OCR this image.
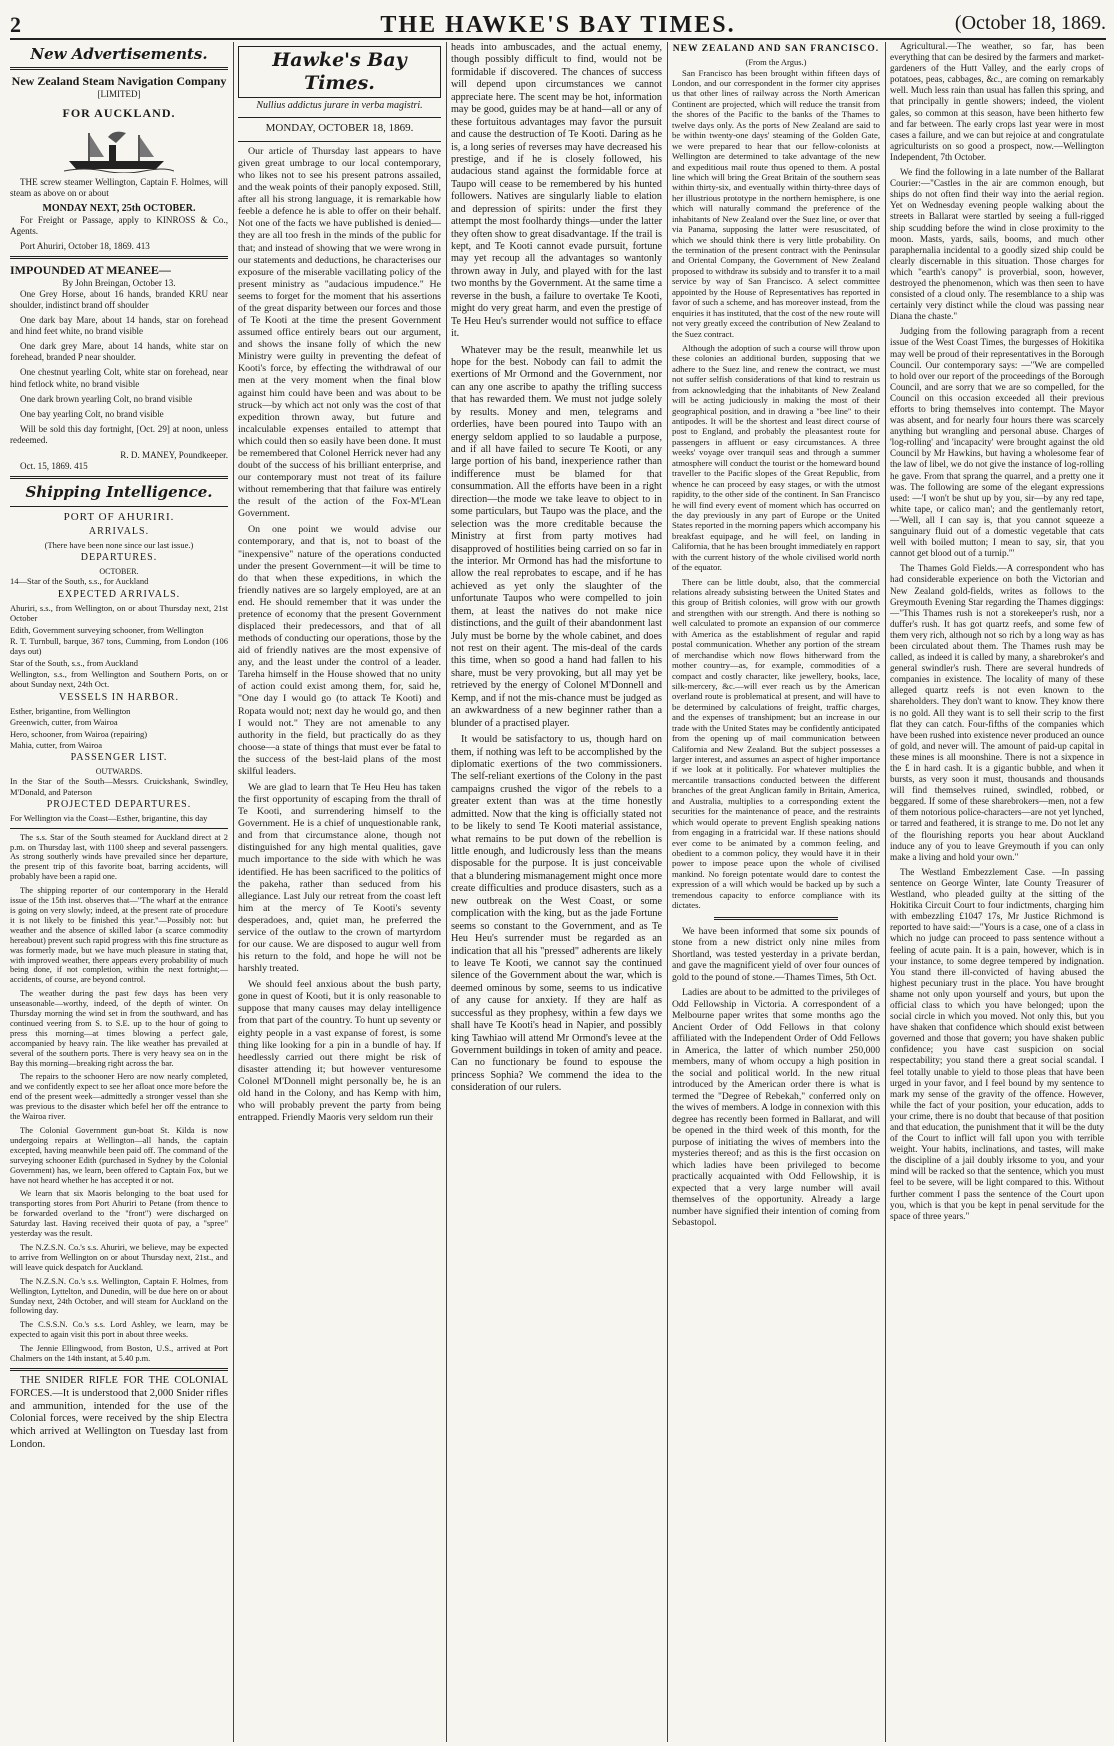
2	THE HAWKE'S BAY TIMES.	(October 18, 1869.
New Advertisements.
New Zealand Steam Navigation Company
[LIMITED]
FOR AUCKLAND.

THE screw steamer Wellington, Captain F. Holmes, will steam as above on or about

MONDAY NEXT, 25th OCTOBER.

For Freight or Passage, apply to KINROSS & Co., Agents.

Port Ahuriri, October 18, 1869. 413

IMPOUNDED AT MEANEE—
By John Breingan, October 13.

One Grey Horse, about 16 hands, branded KRU near shoulder, indistinct brand off shoulder

One dark bay Mare, about 14 hands, star on forehead and hind feet white, no brand visible

One dark grey Mare, about 14 hands, white star on forehead, branded P near shoulder.

One chestnut yearling Colt, white star on forehead, near hind fetlock white, no brand visible

One dark brown yearling Colt, no brand visible

One bay yearling Colt, no brand visible

Will be sold this day fortnight, [Oct. 29] at noon, unless redeemed.

R. D. MANEY, Poundkeeper.

Oct. 15, 1869. 415

Shipping Intelligence.
PORT OF AHURIRI.
ARRIVALS.
(There have been none since our last issue.)
DEPARTURES.
OCTOBER.

14—Star of the South, s.s., for Auckland

EXPECTED ARRIVALS.

Ahuriri, s.s., from Wellington, on or about Thursday next, 21st October

Edith, Government surveying schooner, from Wellington

R. T. Turnbull, barque, 367 tons, Cumming, from London (106 days out)

Star of the South, s.s., from Auckland

Wellington, s.s., from Wellington and Southern Ports, on or about Sunday next, 24th Oct.

VESSELS IN HARBOR.

Esther, brigantine, from Wellington

Greenwich, cutter, from Wairoa

Hero, schooner, from Wairoa (repairing)

Mahia, cutter, from Wairoa

PASSENGER LIST.
OUTWARDS.

In the Star of the South—Messrs. Cruickshank, Swindley, M'Donald, and Paterson

PROJECTED DEPARTURES.

For Wellington via the Coast—Esther, brigantine, this day

The s.s. Star of the South steamed for Auckland direct at 2 p.m. on Thursday last, with 1100 sheep and several passengers. As strong southerly winds have prevailed since her departure, the present trip of this favorite boat, barring accidents, will probably have been a rapid one.

The shipping reporter of our contemporary in the Herald issue of the 15th inst. observes that—"The wharf at the entrance is going on very slowly; indeed, at the present rate of procedure it is not likely to be finished this year."—Possibly not: but weather and the absence of skilled labor (a scarce commodity hereabout) prevent such rapid progress with this fine structure as was formerly made, but we have much pleasure in stating that, with improved weather, there appears every probability of much being done, if not completion, within the next fortnight;—accidents, of course, are beyond control.

The weather during the past few days has been very unseasonable—worthy, indeed, of the depth of winter. On Thursday morning the wind set in from the southward, and has continued veering from S. to S.E. up to the hour of going to press this morning—at times blowing a perfect gale, accompanied by heavy rain. The like weather has prevailed at several of the southern ports. There is very heavy sea on in the Bay this morning—breaking right across the bar.

The repairs to the schooner Hero are now nearly completed, and we confidently expect to see her afloat once more before the end of the present week—admittedly a stronger vessel than she was previous to the disaster which befel her off the entrance to the Wairoa river.

The Colonial Government gun-boat St. Kilda is now undergoing repairs at Wellington—all hands, the captain excepted, having meanwhile been paid off. The command of the surveying schooner Edith (purchased in Sydney by the Colonial Government) has, we learn, been offered to Captain Fox, but we have not heard whether he has accepted it or not.

We learn that six Maoris belonging to the boat used for transporting stores from Port Ahuriri to Petane (from thence to be forwarded overland to the "front") were discharged on Saturday last. Having received their quota of pay, a "spree" yesterday was the result.

The N.Z.S.N. Co.'s s.s. Ahuriri, we believe, may be expected to arrive from Wellington on or about Thursday next, 21st., and will leave quick despatch for Auckland.

The N.Z.S.N. Co.'s s.s. Wellington, Captain F. Holmes, from Wellington, Lyttelton, and Dunedin, will be due here on or about Sunday next, 24th October, and will steam for Auckland on the following day.

The C.S.S.N. Co.'s s.s. Lord Ashley, we learn, may be expected to again visit this port in about three weeks.

The Jennie Ellingwood, from Boston, U.S., arrived at Port Chalmers on the 14th instant, at 5.40 p.m.

THE SNIDER RIFLE FOR THE COLONIAL FORCES.—It is understood that 2,000 Snider rifles and ammunition, intended for the use of the Colonial forces, were received by the ship Electra which arrived at Wellington on Tuesday last from London.

Hawke's Bay Times.
Nullius addictus jurare in verba magistri.
MONDAY, OCTOBER 18, 1869.

Our article of Thursday last appears to have given great umbrage to our local contemporary, who likes not to see his present patrons assailed, and the weak points of their panoply exposed. Still, after all his strong language, it is remarkable how feeble a defence he is able to offer on their behalf. Not one of the facts we have published is denied—they are all too fresh in the minds of the public for that; and instead of showing that we were wrong in our statements and deductions, he characterises our exposure of the miserable vacillating policy of the present ministry as "audacious impudence." He seems to forget for the moment that his assertions of the great disparity between our forces and those of Te Kooti at the time the present Government assumed office entirely bears out our argument, and shows the insane folly of which the new Ministry were guilty in preventing the defeat of Kooti's force, by effecting the withdrawal of our men at the very moment when the final blow against him could have been and was about to be struck—by which act not only was the cost of that expedition thrown away, but future and incalculable expenses entailed to attempt that which could then so easily have been done. It must be remembered that Colonel Herrick never had any doubt of the success of his brilliant enterprise, and our contemporary must not treat of its failure without remembering that that failure was entirely the result of the action of the Fox-M'Lean Government.

On one point we would advise our contemporary, and that is, not to boast of the "inexpensive" nature of the operations conducted under the present Government—it will be time to do that when these expeditions, in which the friendly natives are so largely employed, are at an end. He should remember that it was under the pretence of economy that the present Government displaced their predecessors, and that of all methods of conducting our operations, those by the aid of friendly natives are the most expensive of any, and the least under the control of a leader. Tareha himself in the House showed that no unity of action could exist among them, for, said he, "One day I would go (to attack Te Kooti) and Ropata would not; next day he would go, and then I would not." They are not amenable to any authority in the field, but practically do as they choose—a state of things that must ever be fatal to the success of the best-laid plans of the most skilful leaders.

We are glad to learn that Te Heu Heu has taken the first opportunity of escaping from the thrall of Te Kooti, and surrendering himself to the Government. He is a chief of unquestionable rank, and from that circumstance alone, though not distinguished for any high mental qualities, gave much importance to the side with which he was identified. He has been sacrificed to the politics of the pakeha, rather than seduced from his allegiance. Last July our retreat from the coast left him at the mercy of Te Kooti's seventy desperadoes, and, quiet man, he preferred the service of the outlaw to the crown of martyrdom for our cause. We are disposed to augur well from his return to the fold, and hope he will not be harshly treated.

We should feel anxious about the bush party, gone in quest of Kooti, but it is only reasonable to suppose that many causes may delay intelligence from that part of the country. To hunt up seventy or eighty people in a vast expanse of forest, is some thing like looking for a pin in a bundle of hay. If heedlessly carried out there might be risk of disaster attending it; but however venturesome Colonel M'Donnell might personally be, he is an old hand in the Colony, and has Kemp with him, who will probably prevent the party from being entrapped. Friendly Maoris very seldom run their

heads into ambuscades, and the actual enemy, though possibly difficult to find, would not be formidable if discovered. The chances of success will depend upon circumstances we cannot appreciate here. The scent may be hot, information may be good, guides may be at hand—all or any of these fortuitous advantages may favor the pursuit and cause the destruction of Te Kooti. Daring as he is, a long series of reverses may have decreased his prestige, and if he is closely followed, his audacious stand against the formidable force at Taupo will cease to be remembered by his hunted followers. Natives are singularly liable to elation and depression of spirits: under the first they attempt the most foolhardy things—under the latter they often show to great disadvantage. If the trail is kept, and Te Kooti cannot evade pursuit, fortune may yet recoup all the advantages so wantonly thrown away in July, and played with for the last two months by the Government. At the same time a reverse in the bush, a failure to overtake Te Kooti, might do very great harm, and even the prestige of Te Heu Heu's surrender would not suffice to efface it.

Whatever may be the result, meanwhile let us hope for the best. Nobody can fail to admit the exertions of Mr Ormond and the Government, nor can any one ascribe to apathy the trifling success that has rewarded them. We must not judge solely by results. Money and men, telegrams and orderlies, have been poured into Taupo with an energy seldom applied to so laudable a purpose, and if all have failed to secure Te Kooti, or any large portion of his band, inexperience rather than indifference must be blamed for that consummation. All the efforts have been in a right direction—the mode we take leave to object to in some particulars, but Taupo was the place, and the selection was the more creditable because the Ministry at first from party motives had disapproved of hostilities being carried on so far in the interior. Mr Ormond has had the misfortune to allow the real reprobates to escape, and if he has achieved as yet only the slaughter of the unfortunate Taupos who were compelled to join them, at least the natives do not make nice distinctions, and the guilt of their abandonment last July must be borne by the whole cabinet, and does not rest on their agent. The mis-deal of the cards this time, when so good a hand had fallen to his share, must be very provoking, but all may yet be retrieved by the energy of Colonel M'Donnell and Kemp, and if not the mis-chance must be judged as an awkwardness of a new beginner rather than a blunder of a practised player.

It would be satisfactory to us, though hard on them, if nothing was left to be accomplished by the diplomatic exertions of the two commissioners. The self-reliant exertions of the Colony in the past campaigns crushed the vigor of the rebels to a greater extent than was at the time honestly admitted. Now that the king is officially stated not to be likely to send Te Kooti material assistance, what remains to be put down of the rebellion is little enough, and ludicrously less than the means disposable for the purpose. It is just conceivable that a blundering mismanagement might once more create difficulties and produce disasters, such as a new outbreak on the West Coast, or some complication with the king, but as the jade Fortune seems so constant to the Government, and as Te Heu Heu's surrender must be regarded as an indication that all his "pressed" adherents are likely to leave Te Kooti, we cannot say the continued silence of the Government about the war, which is deemed ominous by some, seems to us indicative of any cause for anxiety. If they are half as successful as they prophesy, within a few days we shall have Te Kooti's head in Napier, and possibly king Tawhiao will attend Mr Ormond's levee at the Government buildings in token of amity and peace. Can no functionary be found to espouse the princess Sophia? We commend the idea to the consideration of our rulers.

NEW ZEALAND AND SAN FRANCISCO.
(From the Argus.)

San Francisco has been brought within fifteen days of London, and our correspondent in the former city apprises us that other lines of railway across the North American Continent are projected, which will reduce the transit from the shores of the Pacific to the banks of the Thames to twelve days only. As the ports of New Zealand are said to be within twenty-one days' steaming of the Golden Gate, we were prepared to hear that our fellow-colonists at Wellington are determined to take advantage of the new and expeditious mail route thus opened to them. A postal line which will bring the Great Britain of the southern seas within thirty-six, and eventually within thirty-three days of her illustrious prototype in the northern hemisphere, is one which will naturally command the preference of the inhabitants of New Zealand over the Suez line, or over that via Panama, supposing the latter were resuscitated, of which we should think there is very little probability. On the termination of the present contract with the Peninsular and Oriental Company, the Government of New Zealand proposed to withdraw its subsidy and to transfer it to a mail service by way of San Francisco. A select committee appointed by the House of Representatives has reported in favor of such a scheme, and has moreover instead, from the enquiries it has instituted, that the cost of the new route will not very greatly exceed the contribution of New Zealand to the Suez contract.

Although the adoption of such a course will throw upon these colonies an additional burden, supposing that we adhere to the Suez line, and renew the contract, we must not suffer selfish considerations of that kind to restrain us from acknowledging that the inhabitants of New Zealand will be acting judiciously in making the most of their geographical position, and in drawing a "bee line" to their antipodes. It will be the shortest and least direct course of post to England, and probably the pleasantest route for passengers in affluent or easy circumstances. A three weeks' voyage over tranquil seas and through a summer atmosphere will conduct the tourist or the homeward bound traveller to the Pacific slopes of the Great Republic, from whence he can proceed by easy stages, or with the utmost rapidity, to the other side of the continent. In San Francisco he will find every event of moment which has occurred on the day previously in any part of Europe or the United States reported in the morning papers which accompany his breakfast equipage, and he will feel, on landing in California, that he has been brought immediately en rapport with the current history of the whole civilised world north of the equator.

There can be little doubt, also, that the commercial relations already subsisting between the United States and this group of British colonies, will grow with our growth and strengthen with our strength. And there is nothing so well calculated to promote an expansion of our commerce with America as the establishment of regular and rapid postal communication. Whether any portion of the stream of merchandise which now flows hitherward from the mother country—as, for example, commodities of a compact and costly character, like jewellery, books, lace, silk-mercery, &c.—will ever reach us by the American overland route is problematical at present, and will have to be determined by calculations of freight, traffic charges, and the expenses of transhipment; but an increase in our trade with the United States may be confidently anticipated from the opening up of mail communication between California and New Zealand. But the subject possesses a larger interest, and assumes an aspect of higher importance if we look at it politically. For whatever multiplies the mercantile transactions conducted between the different branches of the great Anglican family in Britain, America, and Australia, multiplies to a corresponding extent the securities for the maintenance of peace, and the restraints which would operate to prevent English speaking nations from engaging in a fratricidal war. If these nations should ever come to be animated by a common feeling, and obedient to a common policy, they would have it in their power to impose peace upon the whole of civilised mankind. No foreign potentate would dare to contest the expression of a will which would be backed up by such a tremendous capacity to enforce compliance with its dictates.

We have been informed that some six pounds of stone from a new district only nine miles from Shortland, was tested yesterday in a private berdan, and gave the magnificent yield of over four ounces of gold to the pound of stone.—Thames Times, 5th Oct.

Ladies are about to be admitted to the privileges of Odd Fellowship in Victoria. A correspondent of a Melbourne paper writes that some months ago the Ancient Order of Odd Fellows in that colony affiliated with the Independent Order of Odd Fellows in America, the latter of which number 250,000 members, many of whom occupy a high position in the social and political world. In the new ritual introduced by the American order there is what is termed the "Degree of Rebekah," conferred only on the wives of members. A lodge in connexion with this degree has recently been formed in Ballarat, and will be opened in the third week of this month, for the purpose of initiating the wives of members into the mysteries thereof; and as this is the first occasion on which ladies have been privileged to become practically acquainted with Odd Fellowship, it is expected that a very large number will avail themselves of the opportunity. Already a large number have signified their intention of coming from Sebastopol.

Agricultural.—The weather, so far, has been everything that can be desired by the farmers and market-gardeners of the Hutt Valley, and the early crops of potatoes, peas, cabbages, &c., are coming on remarkably well. Much less rain than usual has fallen this spring, and that principally in gentle showers; indeed, the violent gales, so common at this season, have been hitherto few and far between. The early crops last year were in most cases a failure, and we can but rejoice at and congratulate agriculturists on so good a prospect, now.—Wellington Independent, 7th October.

We find the following in a late number of the Ballarat Courier:—"Castles in the air are common enough, but ships do not often find their way into the aerial region. Yet on Wednesday evening people walking about the streets in Ballarat were startled by seeing a full-rigged ship scudding before the wind in close proximity to the moon. Masts, yards, sails, booms, and much other paraphernalia incidental to a goodly sized ship could be clearly discernable in this situation. Those charges for which "earth's canopy" is proverbial, soon, however, destroyed the phenomenon, which was then seen to have consisted of a cloud only. The resemblance to a ship was certainly very distinct while the cloud was passing near Diana the chaste."

Judging from the following paragraph from a recent issue of the West Coast Times, the burgesses of Hokitika may well be proud of their representatives in the Borough Council. Our contemporary says: —"We are compelled to hold over our report of the proceedings of the Borough Council, and are sorry that we are so compelled, for the Council on this occasion exceeded all their previous efforts to bring themselves into contempt. The Mayor was absent, and for nearly four hours there was scarcely anything but wrangling and personal abuse. Charges of 'log-rolling' and 'incapacity' were brought against the old Council by Mr Hawkins, but having a wholesome fear of the law of libel, we do not give the instance of log-rolling he gave. From that sprang the quarrel, and a pretty one it was. The following are some of the elegant expressions used: —'I won't be shut up by you, sir—by any red tape, white tape, or calico man'; and the gentlemanly retort,—'Well, all I can say is, that you cannot squeeze a sanguinary fluid out of a domestic vegetable that cats well with boiled mutton; I mean to say, sir, that you cannot get blood out of a turnip.'"

The Thames Gold Fields.—A correspondent who has had considerable experience on both the Victorian and New Zealand gold-fields, writes as follows to the Greymouth Evening Star regarding the Thames diggings:—"This Thames rush is not a storekeeper's rush, nor a duffer's rush. It has got quartz reefs, and some few of them very rich, although not so rich by a long way as has been circulated about them. The Thames rush may be called, as indeed it is called by many, a sharebroker's and general swindler's rush. There are several hundreds of companies in existence. The locality of many of these alleged quartz reefs is not even known to the shareholders. They don't want to know. They know there is no gold. All they want is to sell their scrip to the first flat they can catch. Four-fifths of the companies which have been rushed into existence never produced an ounce of gold, and never will. The amount of paid-up capital in these mines is all moonshine. There is not a sixpence in the £ in hard cash. It is a gigantic bubble, and when it bursts, as very soon it must, thousands and thousands will find themselves ruined, swindled, robbed, or beggared. If some of these sharebrokers—men, not a few of them notorious police-characters—are not yet lynched, or tarred and feathered, it is strange to me. Do not let any of the flourishing reports you hear about Auckland induce any of you to leave Greymouth if you can only make a living and hold your own."

The Westland Embezzlement Case. —In passing sentence on George Winter, late County Treasurer of Westland, who pleaded guilty at the sitting of the Hokitika Circuit Court to four indictments, charging him with embezzling £1047 17s, Mr Justice Richmond is reported to have said:—"Yours is a case, one of a class in which no judge can proceed to pass sentence without a feeling of acute pain. It is a pain, however, which is in your instance, to some degree tempered by indignation. You stand there ill-convicted of having abused the highest pecuniary trust in the place. You have brought shame not only upon yourself and yours, but upon the official class to which you have belonged; upon the social circle in which you moved. Not only this, but you have shaken that confidence which should exist between governed and those that govern; you have shaken public confidence; you have cast suspicion on social respectability; you stand there a great social scandal. I feel totally unable to yield to those pleas that have been urged in your favor, and I feel bound by my sentence to mark my sense of the gravity of the offence. However, while the fact of your position, your education, adds to your crime, there is no doubt that because of that position and that education, the punishment that it will be the duty of the Court to inflict will fall upon you with terrible weight. Your habits, inclinations, and tastes, will make the discipline of a jail doubly irksome to you, and your mind will be racked so that the sentence, which you must feel to be severe, will be light compared to this. Without further comment I pass the sentence of the Court upon you, which is that you be kept in penal servitude for the space of three years."
